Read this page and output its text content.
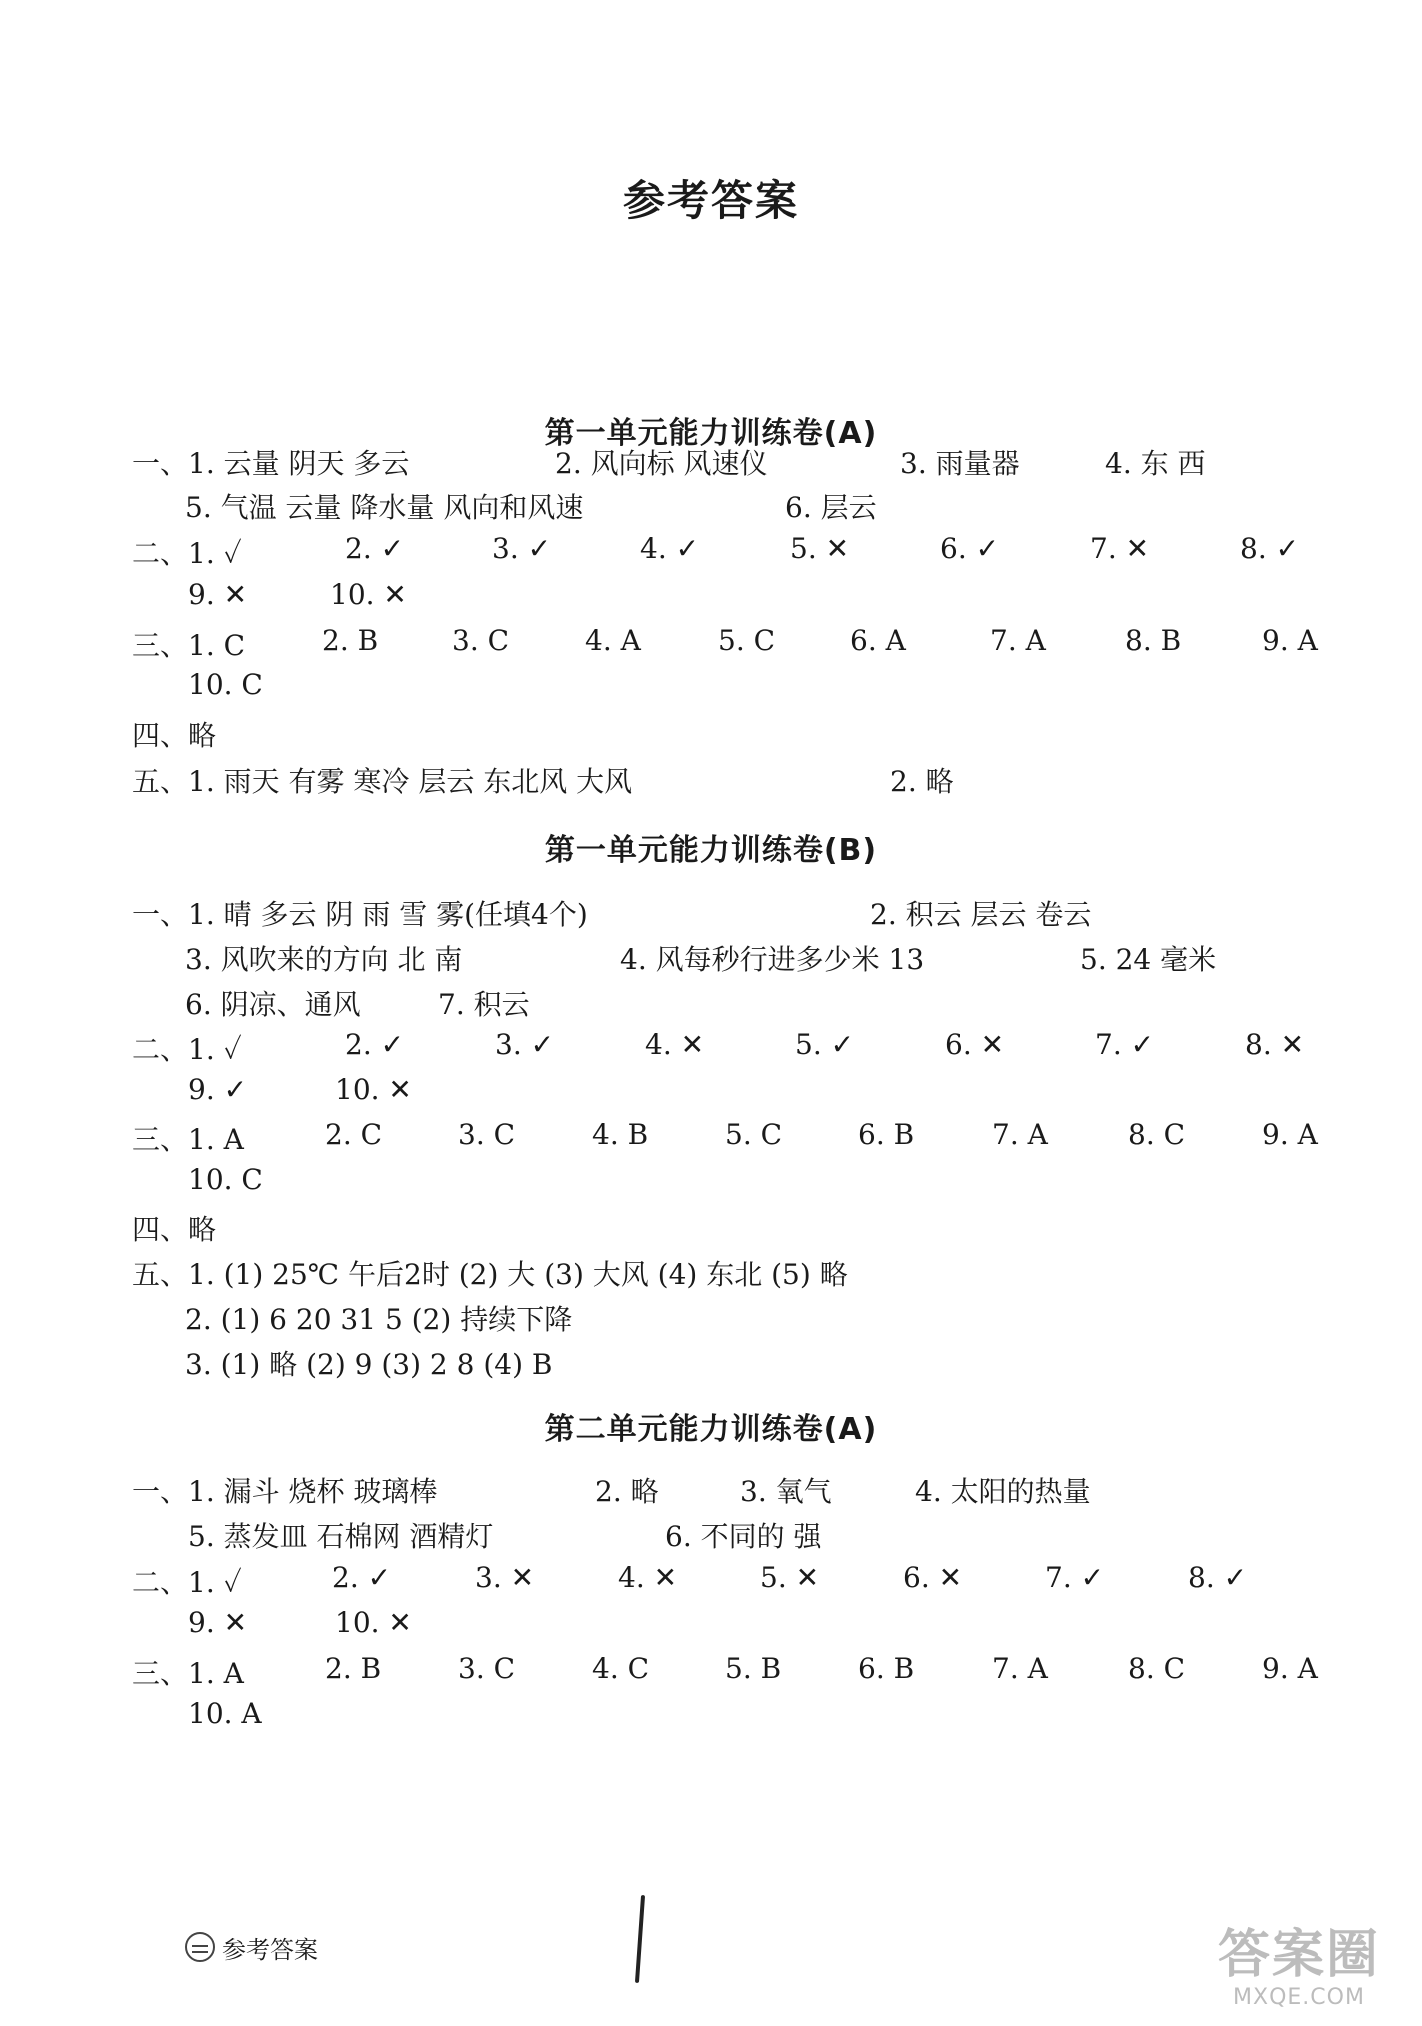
参考答案
第一单元能力训练卷(A)
一、1. 云量 阴天 多云	2. 风向标 风速仪	3. 雨量器	4. 东 西
5. 气温 云量 降水量 风向和风速	6. 层云
二、1. ✓	2. ✓	3. ✓	4. ✓	5. ✕	6. ✓	7. ✕	8. ✓
9. ✕	10. ✕
三、1. C	2. B	3. C	4. A	5. C	6. A	7. A	8. B	9. A
10. C
四、略
五、1. 雨天 有雾 寒冷 层云 东北风 大风	2. 略
第一单元能力训练卷(B)
一、1. 晴 多云 阴 雨 雪 雾(任填4个)	2. 积云 层云 卷云
3. 风吹来的方向 北 南	4. 风每秒行进多少米 13	5. 24 毫米
6. 阴凉、通风	7. 积云
二、1. ✓	2. ✓	3. ✓	4. ✕	5. ✓	6. ✕	7. ✓	8. ✕
9. ✓	10. ✕
三、1. A	2. C	3. C	4. B	5. C	6. B	7. A	8. C	9. A
10. C
四、略
五、1. (1) 25℃ 午后2时 (2) 大 (3) 大风 (4) 东北 (5) 略
2. (1) 6 20 31 5 (2) 持续下降
3. (1) 略 (2) 9 (3) 2 8 (4) B
第二单元能力训练卷(A)
一、1. 漏斗 烧杯 玻璃棒	2. 略	3. 氧气	4. 太阳的热量
5. 蒸发皿 石棉网 酒精灯	6. 不同的 强
二、1. ✓	2. ✓	3. ✕	4. ✕	5. ✕	6. ✕	7. ✓	8. ✓
9. ✕	10. ✕
三、1. A	2. B	3. C	4. C	5. B	6. B	7. A	8. C	9. A
10. A
参考答案	答案圈
MXQE.COM
